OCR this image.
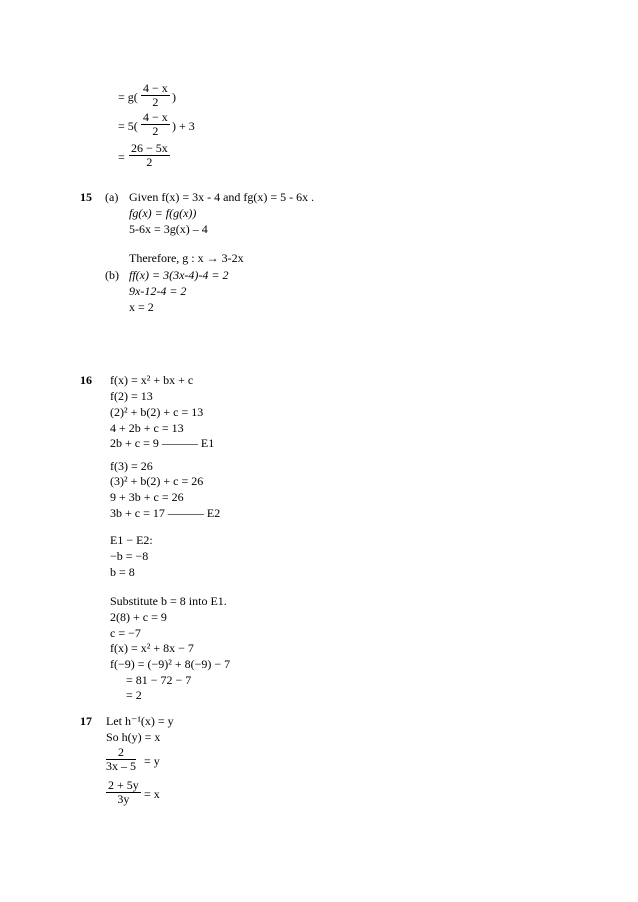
= $g( \frac{4 - x}{2}$ )
= $5( \frac{4 - x}{2}$ ) + 3
= $\frac{26 - 5x}{2}$
15 (a) Given f(x) = 3x - 4 and fg(x) = 5 - 6x .
fg(x) = f(g(x))
5-6x = 3g(x) – 4
Therefore, g : x → 3-2x
(b) ff(x) = 3(3x-4)-4 = 2
9x-12-4 = 2
x = 2
16 f(x) = x² + bx + c
f(2) = 13
(2)² + b(2) + c = 13
4 + 2b + c = 13
2b + c = 9 ——— E1
f(3) = 26
(3)² + b(2) + c = 26
9 + 3b + c = 26
3b + c = 17 ——— E2
E1 − E2:
−b = −8
b = 8
Substitute b = 8 into E1.
2(8) + c = 9
c = −7
f(x) = x² + 8x − 7
f(−9) = (−9)² + 8(−9) − 7
= 81 − 72 − 7
= 2
17 Let h⁻¹(x) = y
So h(y) = x
$\frac{2}{3x - 5} = y$
$\frac{2 + 5y}{3y} = x$
